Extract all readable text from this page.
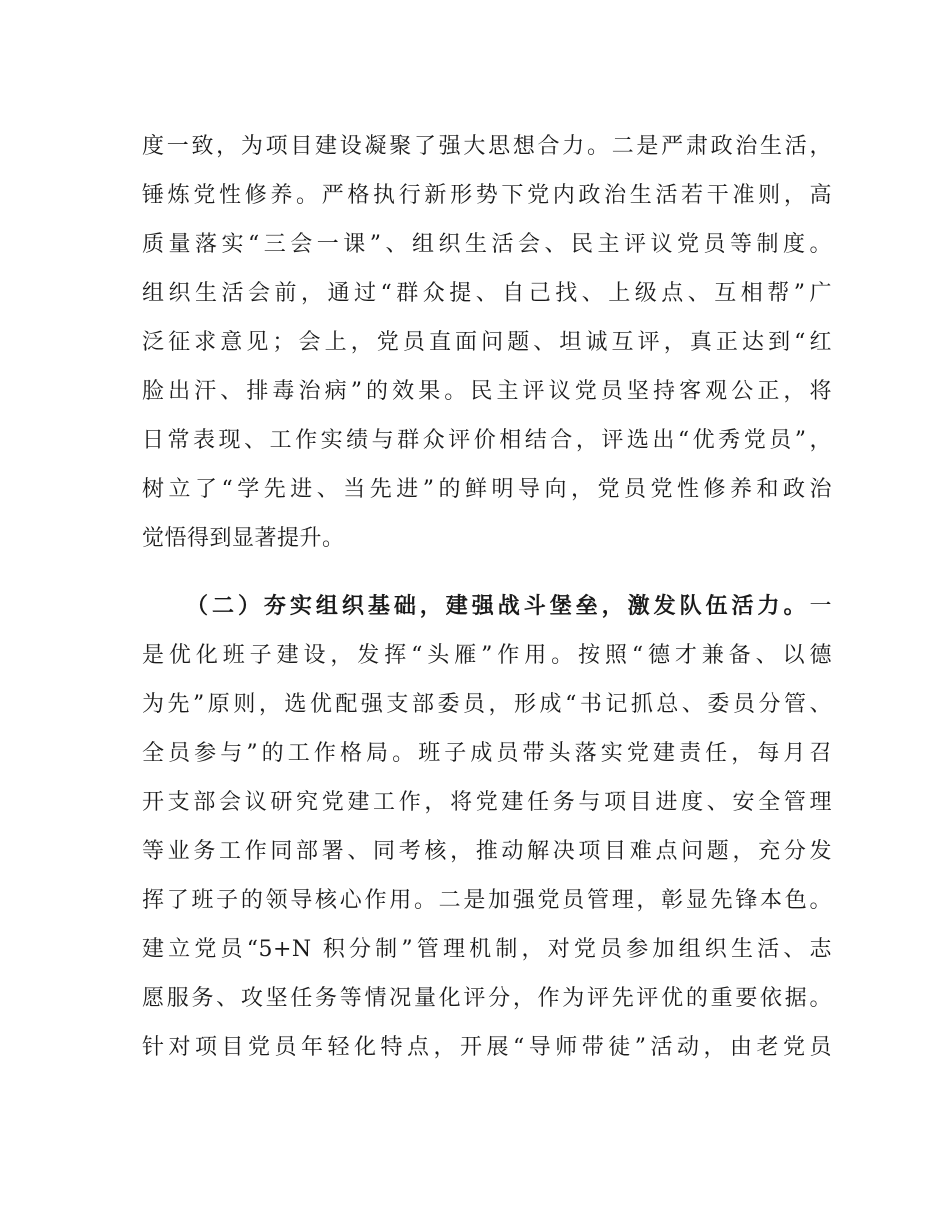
度一致，为项目建设凝聚了强大思想合力。二是严肃政治生活，
锤炼党性修养。严格执行新形势下党内政治生活若干准则，高
质量落实“三会一课”、组织生活会、民主评议党员等制度。
组织生活会前，通过“群众提、自己找、上级点、互相帮”广
泛征求意见；会上，党员直面问题、坦诚互评，真正达到“红
脸出汗、排毒治病”的效果。民主评议党员坚持客观公正，将
日常表现、工作实绩与群众评价相结合，评选出“优秀党员”，
树立了“学先进、当先进”的鲜明导向，党员党性修养和政治
觉悟得到显著提升。
（二）夯实组织基础，建强战斗堡垒，激发队伍活力。一
是优化班子建设，发挥“头雁”作用。按照“德才兼备、以德
为先”原则，选优配强支部委员，形成“书记抓总、委员分管、
全员参与”的工作格局。班子成员带头落实党建责任，每月召
开支部会议研究党建工作，将党建任务与项目进度、安全管理
等业务工作同部署、同考核，推动解决项目难点问题，充分发
挥了班子的领导核心作用。二是加强党员管理，彰显先锋本色。
建立党员“5+N 积分制”管理机制，对党员参加组织生活、志
愿服务、攻坚任务等情况量化评分，作为评先评优的重要依据。
针对项目党员年轻化特点，开展“导师带徒”活动，由老党员
